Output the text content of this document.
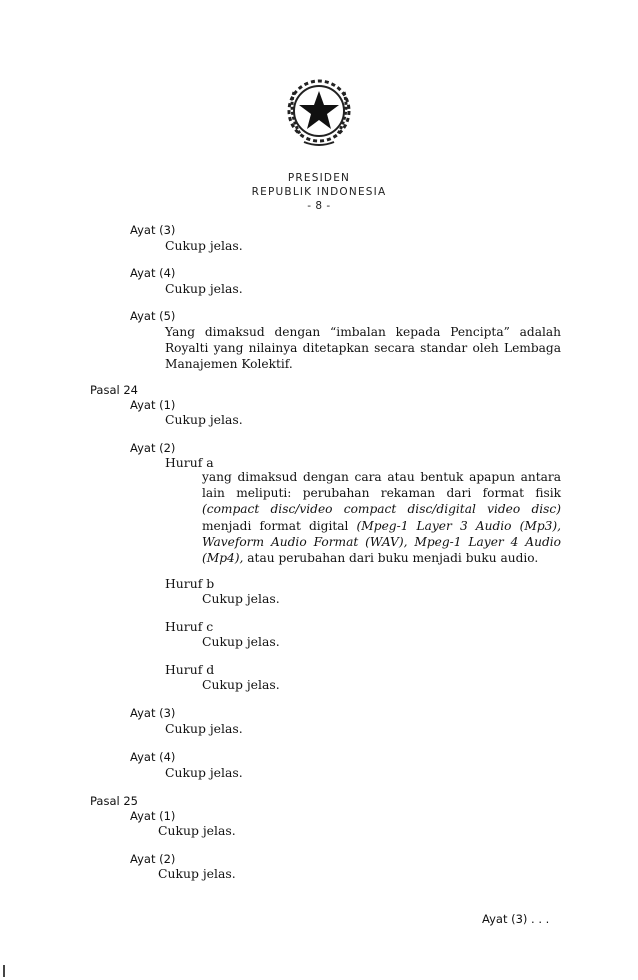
PRESIDEN
REPUBLIK INDONESIA
- 8 -
Ayat (3)
Cukup jelas.
Ayat (4)
Cukup jelas.
Ayat (5)
Yang dimaksud dengan “imbalan kepada Pencipta” adalah
Royalti yang nilainya ditetapkan secara standar oleh Lembaga
Manajemen Kolektif.
Pasal 24
Ayat (1)
Cukup jelas.
Ayat (2)
Huruf a
yang dimaksud dengan cara atau bentuk apapun antara
lain meliputi: perubahan rekaman dari format fisik
(compact disc/video compact disc/digital video disc)
menjadi format digital (Mpeg-1 Layer 3 Audio (Mp3),
Waveform Audio Format (WAV), Mpeg-1 Layer 4 Audio
(Mp4), atau perubahan dari buku menjadi buku audio.
Huruf b
Cukup jelas.
Huruf c
Cukup jelas.
Huruf d
Cukup jelas.
Ayat (3)
Cukup jelas.
Ayat (4)
Cukup jelas.
Pasal 25
Ayat (1)
Cukup jelas.
Ayat (2)
Cukup jelas.
Ayat (3) . . .
